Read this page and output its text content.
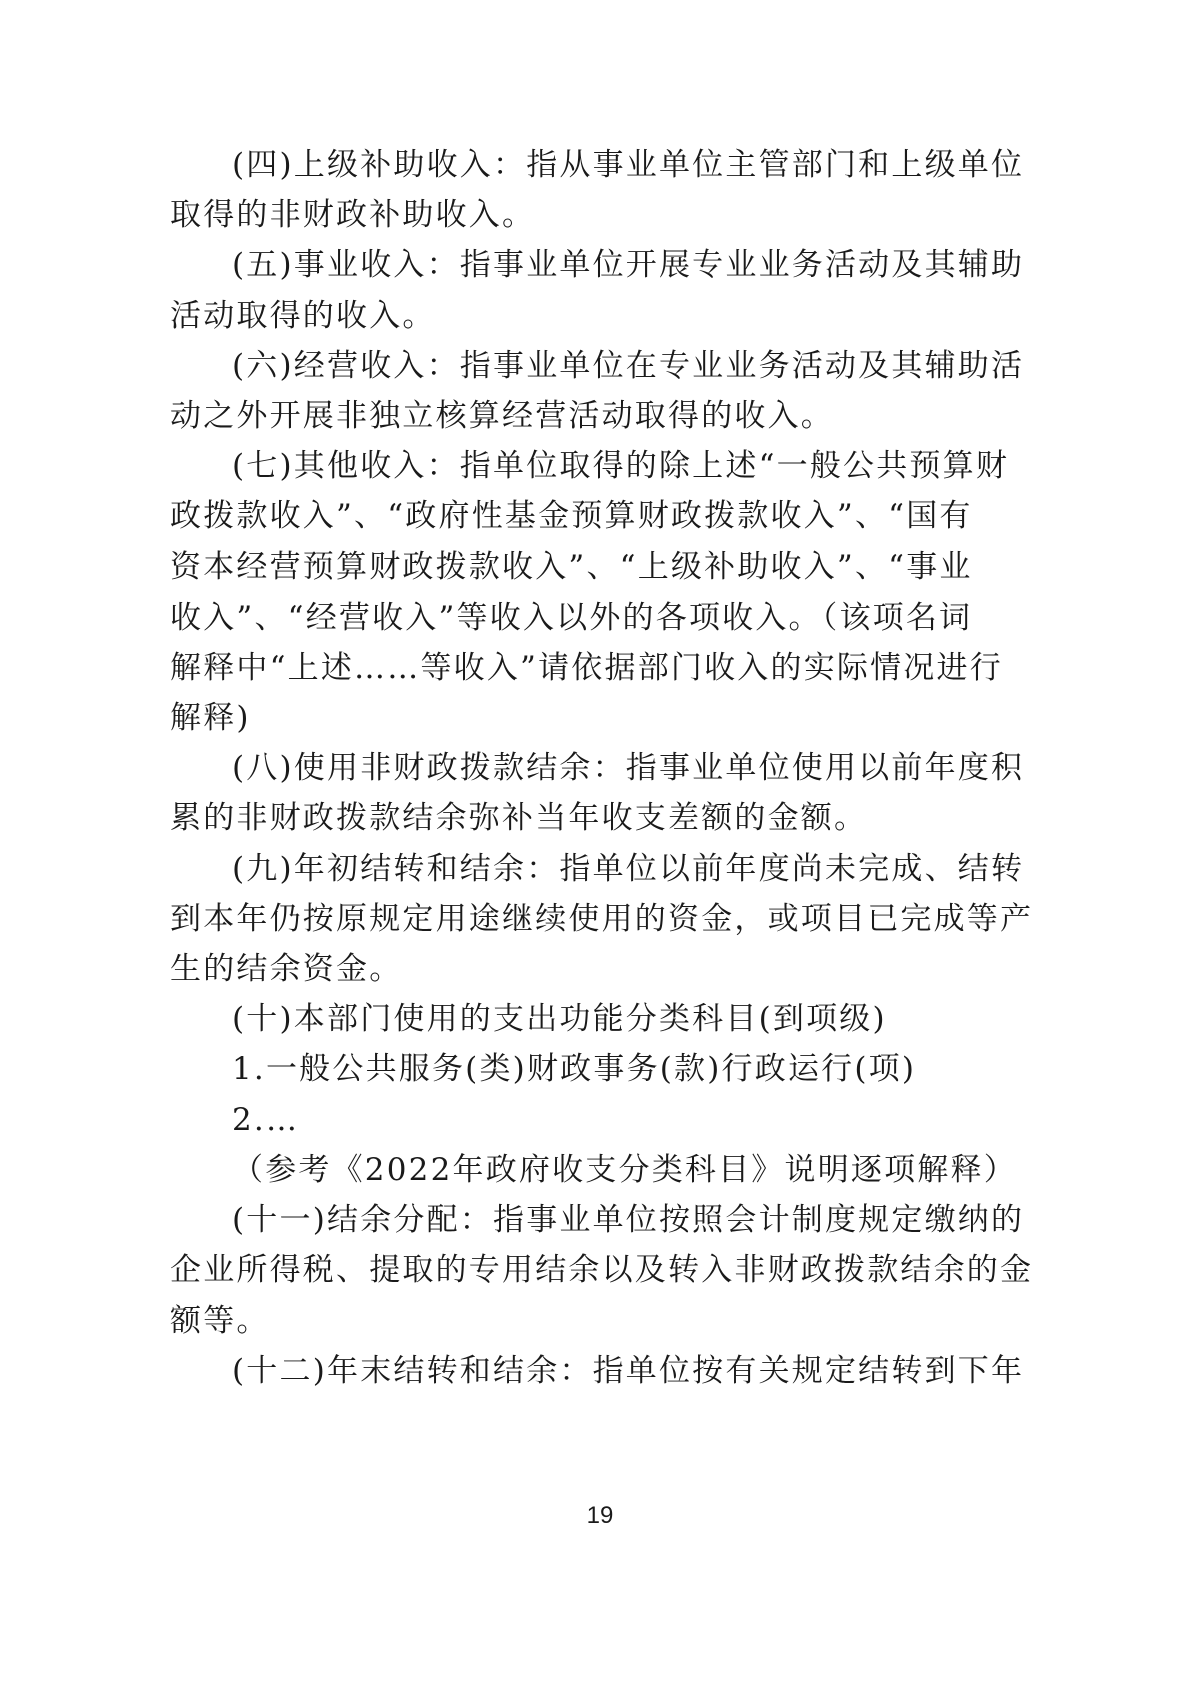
(四)上级补助收入：指从事业单位主管部门和上级单位
取得的非财政补助收入。
(五)事业收入：指事业单位开展专业业务活动及其辅助
活动取得的收入。
(六)经营收入：指事业单位在专业业务活动及其辅助活
动之外开展非独立核算经营活动取得的收入。
(七)其他收入：指单位取得的除上述“一般公共预算财
政拨款收入”、“政府性基金预算财政拨款收入”、“国有
资本经营预算财政拨款收入”、“上级补助收入”、“事业
收入”、“经营收入”等收入以外的各项收入。（该项名词
解释中“上述……等收入”请依据部门收入的实际情况进行
解释)
(八)使用非财政拨款结余：指事业单位使用以前年度积
累的非财政拨款结余弥补当年收支差额的金额。
(九)年初结转和结余：指单位以前年度尚未完成、结转
到本年仍按原规定用途继续使用的资金，或项目已完成等产
生的结余资金。
(十)本部门使用的支出功能分类科目(到项级)
1.一般公共服务(类)财政事务(款)行政运行(项)
2.…
（参考《2022年政府收支分类科目》说明逐项解释）
(十一)结余分配：指事业单位按照会计制度规定缴纳的
企业所得税、提取的专用结余以及转入非财政拨款结余的金
额等。
(十二)年末结转和结余：指单位按有关规定结转到下年
19
